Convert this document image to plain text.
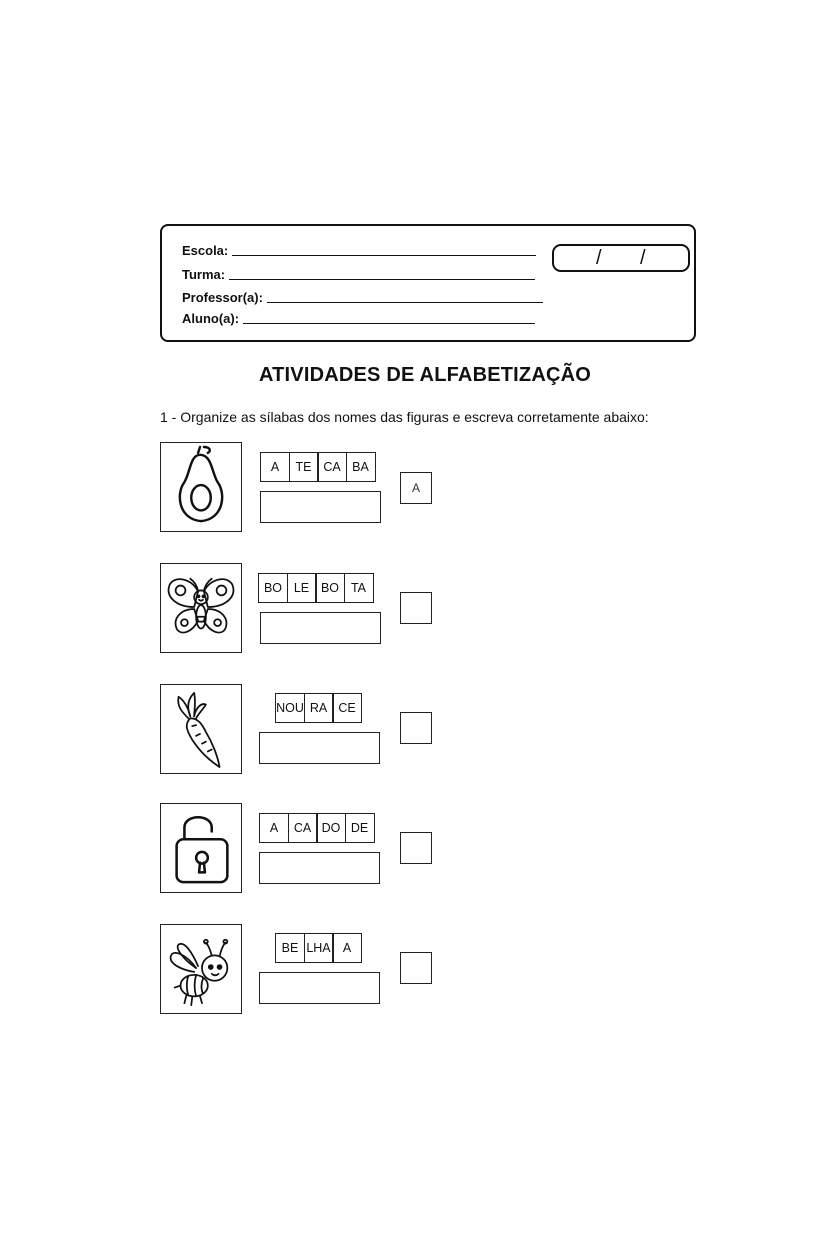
Escola:
Turma:
Professor(a):
Aluno(a):
/ /
ATIVIDADES DE ALFABETIZAÇÃO
1 - Organize as sílabas dos nomes das figuras e escreva corretamente abaixo:
A	TE CA BA
A
BO LE BO TA
NOU RA CE
A	CA DO DE
BE LHA A
